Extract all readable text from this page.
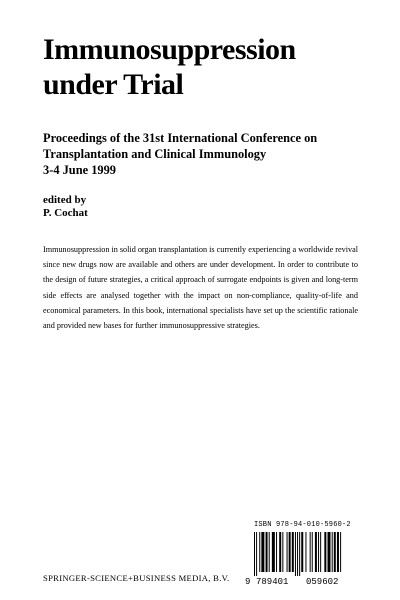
Immunosuppression
under Trial
Proceedings of the 31st International Conference on
Transplantation and Clinical Immunology
3-4 June 1999
edited by
P. Cochat

Immunosuppression in solid organ transplantation is currently experiencing a worldwide revival since new drugs now are available and others are under development. In order to contribute to the design of future strategies, a critical approach of surrogate endpoints is given and long-term side effects are analysed together with the impact on non-compliance, quality-of-life and economical parameters. In this book, international specialists have set up the scientific rationale and provided new bases for further immunosuppressive strategies.

ISBN 978-94-010-5960-2
9 789401 059602
SPRINGER-SCIENCE+BUSINESS MEDIA, B.V.
